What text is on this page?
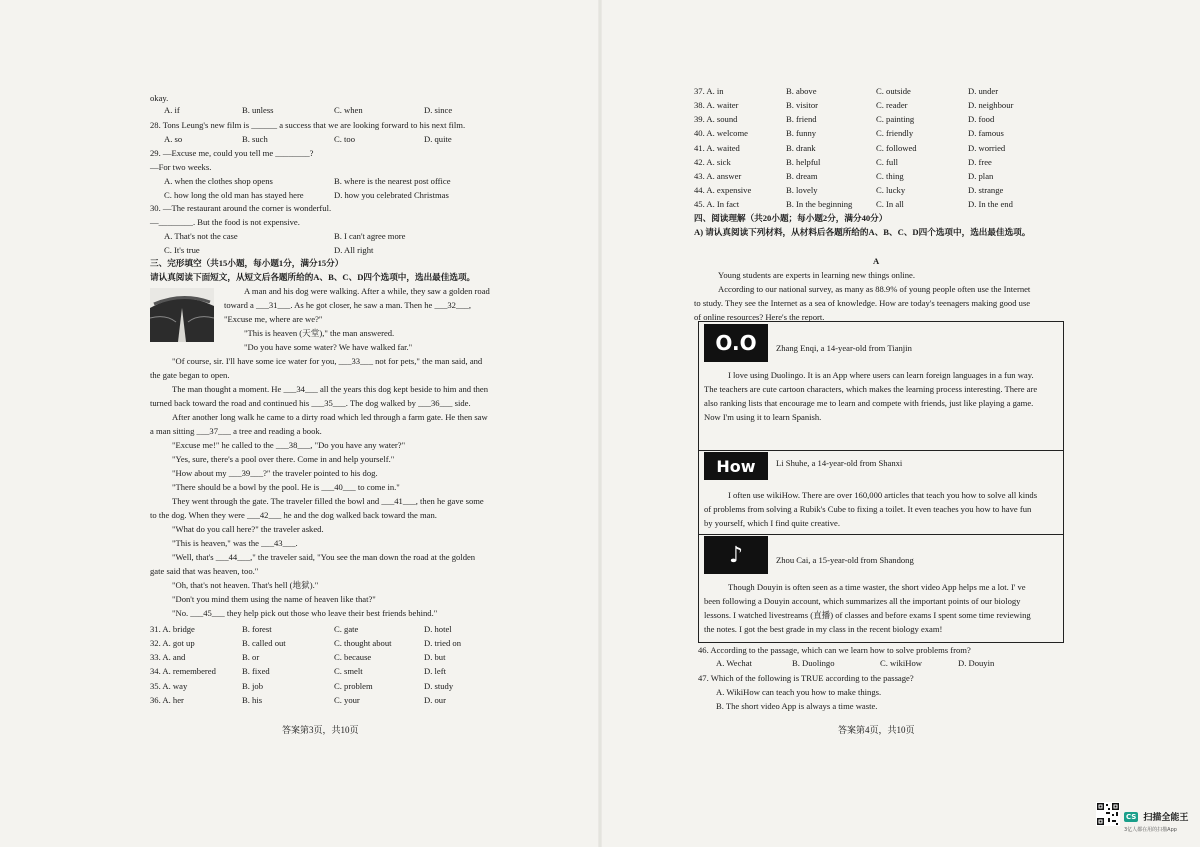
okay.
28. Tons Leung's new film is ______ a success that we are looking forward to his next film.
29. —Excuse me, could you tell me ________?
—For two weeks.
30. —The restaurant around the corner is wonderful.
—________. But the food is not expensive.
三、完形填空（共15小题，每小题1分，满分15分）
请认真阅读下面短文，从短文后各题所给的A、B、C、D四个选项中，选出最佳选项。
A man and his dog were walking. After a while, they saw a golden road
toward a ___31___. As he got closer, he saw a man. Then he ___32___,
"Excuse me, where are we?"
"This is heaven (天堂)," the man answered.
"Do you have some water? We have walked far."
"Of course, sir. I'll have some ice water for you, ___33___ not for pets," the man said, and
the gate began to open.
The man thought a moment. He ___34___ all the years this dog kept beside to him and then
turned back toward the road and continued his ___35___. The dog walked by ___36___ side.
After another long walk he came to a dirty road which led through a farm gate. He then saw
a man sitting ___37___ a tree and reading a book.
"Excuse me!" he called to the ___38___, "Do you have any water?"
"Yes, sure, there's a pool over there. Come in and help yourself."
"How about my ___39___?" the traveler pointed to his dog.
"There should be a bowl by the pool. He is ___40___ to come in."
They went through the gate. The traveler filled the bowl and ___41___, then he gave some
to the dog. When they were ___42___ he and the dog walked back toward the man.
"What do you call here?" the traveler asked.
"This is heaven," was the ___43___.
"Well, that's ___44___," the traveler said, "You see the man down the road at the golden
gate said that was heaven, too."
"Oh, that's not heaven. That's hell (地狱)."
"Don't you mind them using the name of heaven like that?"
"No. ___45___ they help pick out those who leave their best friends behind."
A. if	B. unless	C. when	D. since
A. so	B. such	C. too	D. quite
A. when the clothes shop opens	B. where is the nearest post office
C. how long the old man has stayed here	D. how you celebrated Christmas
A. That's not the case	B. I can't agree more
C. It's true	D. All right
31. A. bridge	B. forest	C. gate	D. hotel
32. A. got up	B. called out	C. thought about	D. tried on
33. A. and	B. or	C. because	D. but
34. A. remembered	B. fixed	C. smelt	D. left
35. A. way	B. job	C. problem	D. study
36. A. her	B. his	C. your	D. our
答案第3页，共10页
四、阅读理解（共20小题；每小题2分，满分40分）
A) 请认真阅读下列材料，从材料后各题所给的A、B、C、D四个选项中，选出最佳选项。
A
Young students are experts in learning new things online.
According to our national survey, as many as 88.9% of young people often use the Internet
to study. They see the Internet as a sea of knowledge. How are today's teenagers making good use
of online resources? Here's the report.
46. According to the passage, which can we learn how to solve problems from?
47. Which of the following is TRUE according to the passage?
A. WikiHow can teach you how to make things.
B. The short video App is always a time waste.
37. A. in	B. above	C. outside	D. under
38. A. waiter	B. visitor	C. reader	D. neighbour
39. A. sound	B. friend	C. painting	D. food
40. A. welcome	B. funny	C. friendly	D. famous
41. A. waited	B. drank	C. followed	D. worried
42. A. sick	B. helpful	C. full	D. free
43. A. answer	B. dream	C. thing	D. plan
44. A. expensive	B. lovely	C. lucky	D. strange
45. A. In fact	B. In the beginning	C. In all	D. In the end
A. Wechat	B. Duolingo	C. wikiHow	D. Douyin
答案第4页，共10页
O.O	Zhang Enqi, a 14-year-old from Tianjin
I love using Duolingo. It is an App where users can learn foreign languages in a fun way.
The teachers are cute cartoon characters, which makes the learning process interesting. There are
also ranking lists that encourage me to learn and compete with friends, just like playing a game.
Now I'm using it to learn Spanish.
How	Li Shuhe, a 14-year-old from Shanxi
I often use wikiHow. There are over 160,000 articles that teach you how to solve all kinds
of problems from solving a Rubik's Cube to fixing a toilet. It even teaches you how to have fun
by yourself, which I find quite creative.
♪	Zhou Cai, a 15-year-old from Shandong
Though Douyin is often seen as a time waster, the short video App helps me a lot. I' ve
been following a Douyin account, which summarizes all the important points of our biology
lessons. I watched livestreams (直播) of classes and before exams I spent some time reviewing
the notes. I got the best grade in my class in the recent biology exam!
CS 扫描全能王
3亿人都在用的扫描App
